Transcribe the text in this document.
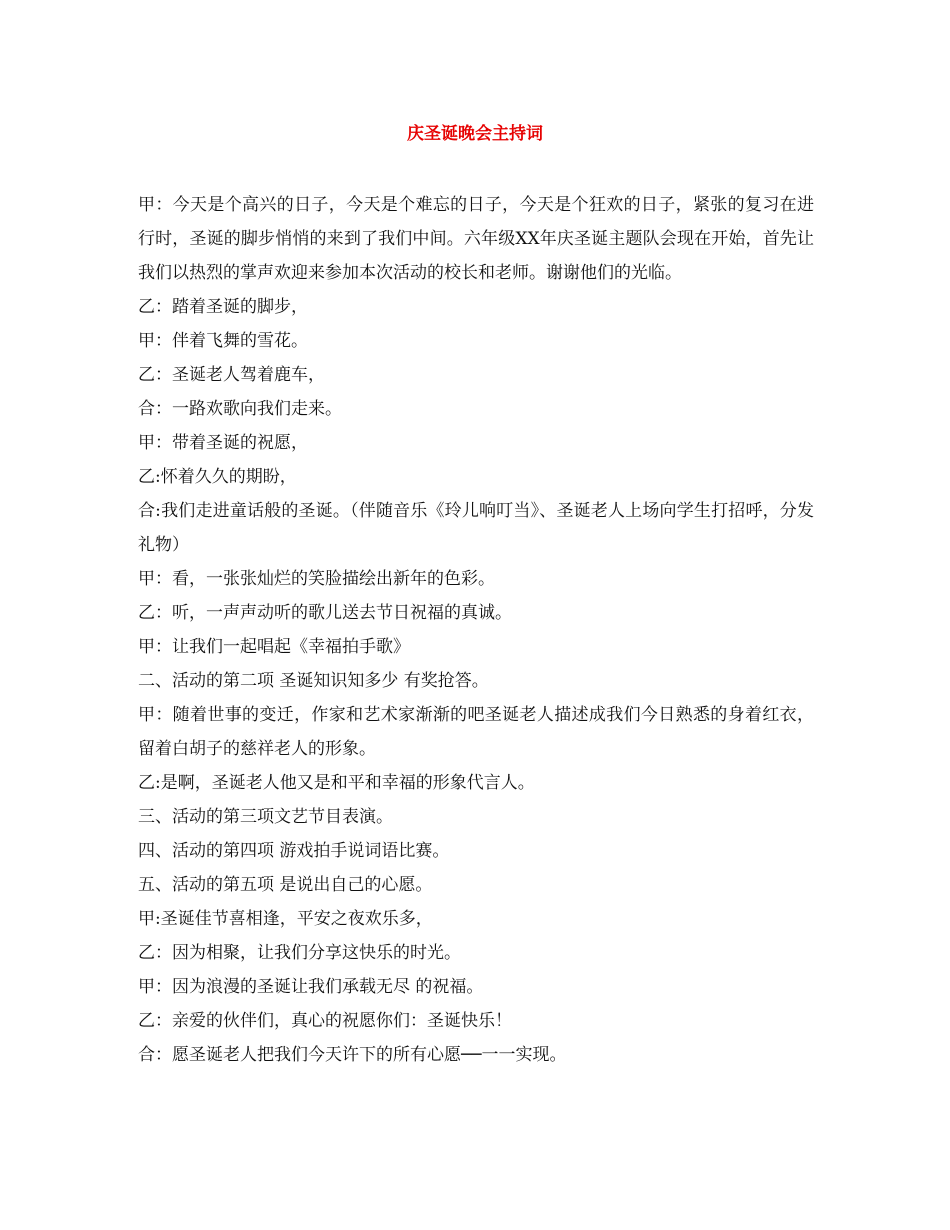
庆圣诞晚会主持词

甲：今天是个高兴的日子，今天是个难忘的日子，今天是个狂欢的日子，紧张的复习在进行时，圣诞的脚步悄悄的来到了我们中间。六年级XX年庆圣诞主题队会现在开始，首先让我们以热烈的掌声欢迎来参加本次活动的校长和老师。谢谢他们的光临。

乙：踏着圣诞的脚步，

甲：伴着飞舞的雪花。

乙：圣诞老人驾着鹿车，

合：一路欢歌向我们走来。

甲：带着圣诞的祝愿，

乙:怀着久久的期盼，

合:我们走进童话般的圣诞。（伴随音乐《玲儿响叮当》、圣诞老人上场向学生打招呼，分发礼物）

甲：看，一张张灿烂的笑脸描绘出新年的色彩。

乙：听，一声声动听的歌儿送去节日祝福的真诚。

甲：让我们一起唱起《幸福拍手歌》

二、活动的第二项 圣诞知识知多少 有奖抢答。

甲：随着世事的变迁，作家和艺术家渐渐的吧圣诞老人描述成我们今日熟悉的身着红衣，留着白胡子的慈祥老人的形象。

乙:是啊，圣诞老人他又是和平和幸福的形象代言人。

三、活动的第三项文艺节目表演。

四、活动的第四项 游戏拍手说词语比赛。

五、活动的第五项 是说出自己的心愿。

甲:圣诞佳节喜相逢，平安之夜欢乐多，

乙：因为相聚，让我们分享这快乐的时光。

甲：因为浪漫的圣诞让我们承载无尽 的祝福。

乙：亲爱的伙伴们，真心的祝愿你们：圣诞快乐！

合：愿圣诞老人把我们今天许下的所有心愿──一一实现。
